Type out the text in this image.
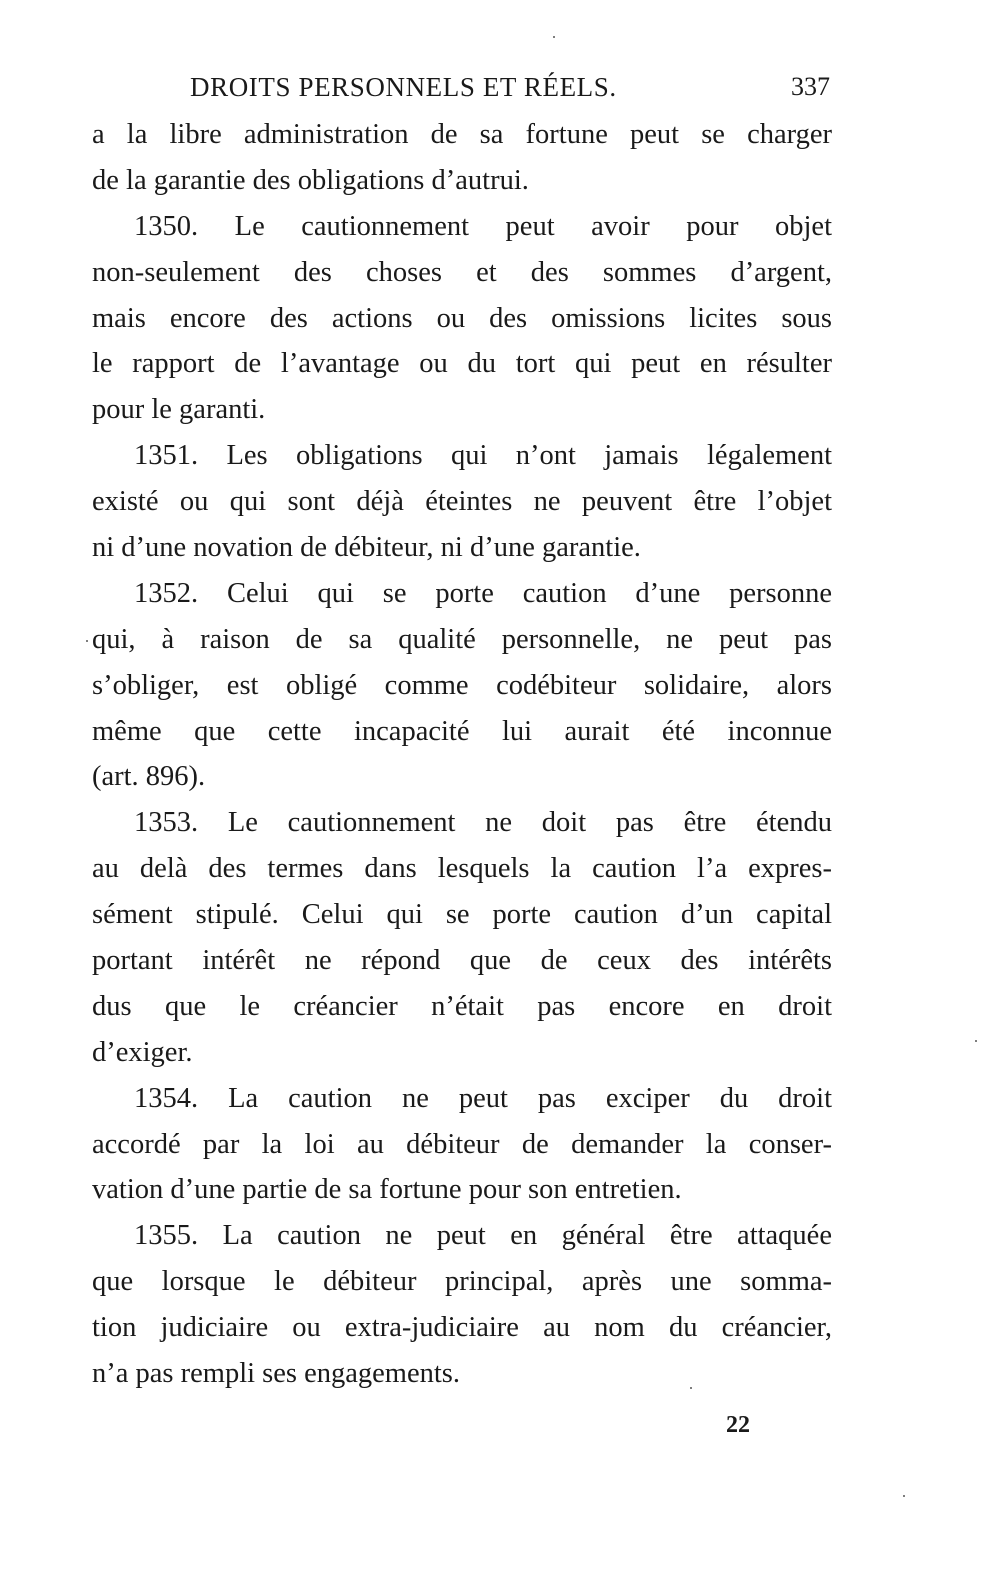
DROITS PERSONNELS ET RÉELS.	337
a la libre administration de sa fortune peut se charger
de la garantie des obligations d’autrui.
1350. Le cautionnement peut avoir pour objet
non-seulement des choses et des sommes d’argent,
mais encore des actions ou des omissions licites sous
le rapport de l’avantage ou du tort qui peut en résulter
pour le garanti.
1351. Les obligations qui n’ont jamais légalement
existé ou qui sont déjà éteintes ne peuvent être l’objet
ni d’une novation de débiteur, ni d’une garantie.
1352. Celui qui se porte caution d’une personne
qui, à raison de sa qualité personnelle, ne peut pas
s’obliger, est obligé comme codébiteur solidaire, alors
même que cette incapacité lui aurait été inconnue
(art. 896).
1353. Le cautionnement ne doit pas être étendu
au delà des termes dans lesquels la caution l’a expres-
sément stipulé. Celui qui se porte caution d’un capital
portant intérêt ne répond que de ceux des intérêts
dus que le créancier n’était pas encore en droit
d’exiger.
1354. La caution ne peut pas exciper du droit
accordé par la loi au débiteur de demander la conser-
vation d’une partie de sa fortune pour son entretien.
1355. La caution ne peut en général être attaquée
que lorsque le débiteur principal, après une somma-
tion judiciaire ou extra-judiciaire au nom du créancier,
n’a pas rempli ses engagements.
22
